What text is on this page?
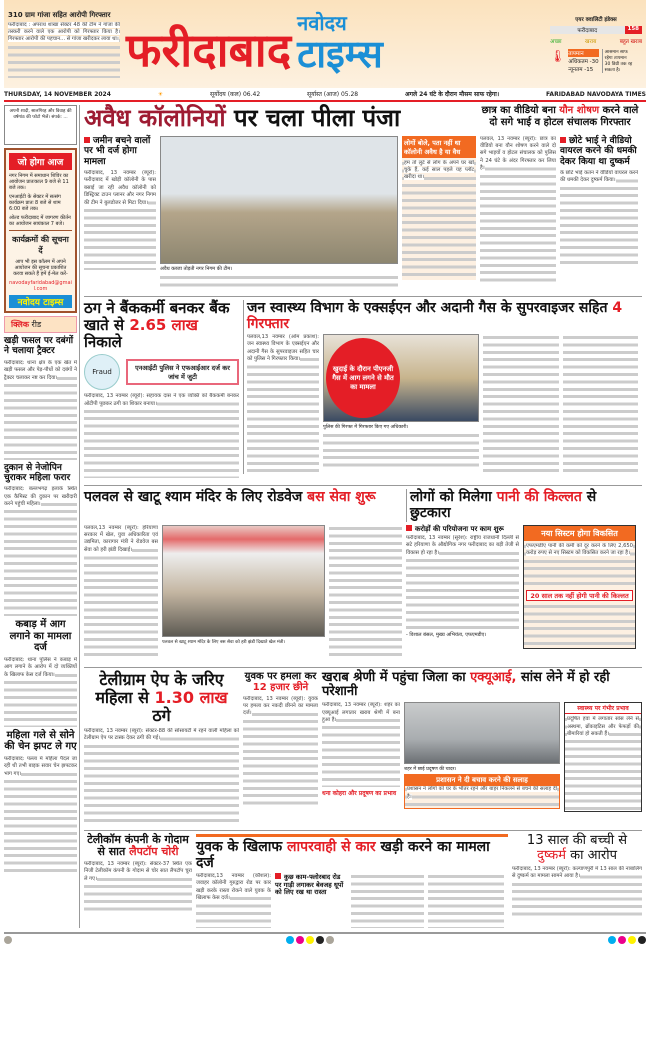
310 ग्राम गांजा सहित आरोपी गिरफ्तार
फरीदाबाद : अपराध शाखा सेक्टर 48 की टीम ने गांजा की तस्करी करने वाले एक आरोपी को गिरफ्तार किया है। गिरफ्तार आरोपी की पहचान... से गांजा खरीदकर लाया था। फरीदाबाद
नवोदय
टाइम्स
एयर क्वालिटी इंडेक्स
फरीदाबाद	158
अच्छा	खराब	बहुत खराब
🌡 तापमान
अधिकतम -30
न्यूनतम -15
आसमान साफ रहेगा तापमान 30 डिग्री तक रह सकता है।
THURSDAY, 14 NOVEMBER 2024	☀	सूर्योदय (कल) 06.42	सूर्यास्त (आज) 05.28	अगले 24 घंटे के दौरान मौसम साफ रहेगा।	FARIDABAD NAVODAYA TIMES
अपनी शादी, सालगिरह और विवाह की वर्षगांठ की फोटो भेजें। संपर्क: ...
जो होगा आज
नगर निगम में समाधान शिविर का आयोजन प्रातःकाल 9 बजे से 11 बजे तक।
एनआईटी के सेक्टर में सत्संग कार्यक्रम प्रातः 8 बजे से शाम 6:00 बजे तक।
ओल्ड फरीदाबाद में जागरण कीर्तन का आयोजन सायंकाल 7 बजे।
कार्यक्रमों की सूचना दें
आप भी इस कॉलम में अपने आयोजन की सूचना प्रकाशित करवा सकते हैं हमें ई-मेल करें-
navodayfaridabad@gmail.com
नवोदय टाइम्स
क्लिक रीड
खड़ी फसल पर दबंगों ने चलाया ट्रैक्टर
फरीदाबाद: थाना क्षेत्र के एक खेत में खड़ी फसल और पेड़-पौधों को दबंगों ने ट्रैक्टर चलाकर नष्ट कर दिया।
दुकान से नेजोपिन चुराकर महिला फरार
फरीदाबाद: बल्लभगढ़ इलाके स्थित एक कैमिस्ट की दुकान पर खरीदारी करने पहुंची महिला।
कबाड़ में आग लगाने का मामला दर्ज
फरीदाबाद: थाना पुलिस ने कबाड़ में आग लगाने के आरोप में दो व्यक्तियों के खिलाफ केस दर्ज किया।
महिला गले से सोने की चेन झपट ले गए
फरीदाबाद: पल्ला में महिला पैदल जा रही थी तभी बाइक सवार चेन झपटकर भाग गए।
अवैध कॉलोनियों पर चला पीला पंजा	छात्र का वीडियो बना यौन शोषण करने वाले दो सगे भाई व होटल संचालक गिरफ्तार
जमीन बचने वालों पर भी दर्ज होगा मामला
फरीदाबाद, 13 नवम्बर (ब्यूरो): फरीदाबाद में खोड़ी कॉलोनी के पास बसाई जा रही अवैध कॉलोनी को डिस्ट्रिक्ट टाउन प्लानर और नगर निगम की टीम ने बुलडोजर से मिटा दिया।
अवैध कब्जा तोड़ती नगर निगम की टीम।
लोगों बोले, पता नहीं था कॉलोनी अवैध है या वैध
हम तो लुटे से लोग के अपने घर खो चुके हैं, कई साल पहले यह प्लॉट खरीदा था।
पलवल, 13 नवम्बर (ब्यूरो): छात्र का वीडियो बना यौन शोषण करने वाले दो सगे भाइयों व होटल संचालक को पुलिस ने 24 घंटे के अंदर गिरफ्तार कर लिया है।
छोटे भाई ने वीडियो वायरल करने की धमकी देकर किया था दुष्कर्म
के छोटे भाई कतन ने वीडियो वायरल करने की धमकी देकर दुष्कर्म किया।
ठग ने बैंककर्मी बनकर बैंक खाते से 2.65 लाख निकाले
Fraud	एनआईटी पुलिस ने एफआईआर दर्ज कर जांच में जुटी
फरीदाबाद, 13 नवम्बर (ब्यूरो): सहायक दास ने एक व्यक्ति को बैंककर्मी बनकर ओटीपी पूछकर ठगी का शिकार बनाया।
जन स्वास्थ्य विभाग के एक्सईएन और अदानी गैस के सुपरवाइजर सहित 4 गिरफ्तार
पलवल,13 नवम्बर (ओम प्रकाश): जन स्वास्थ्य विभाग के एक्सईएन और अदानी गैस के सुपरवाइजर सहित चार को पुलिस ने गिरफ्तार किया।
खुदाई के दौरान पीएनजी गैस में आग लगने से मौत का मामला
पुलिस की गिरफ्त में गिरफ्तार किए गए अधिकारी।
पलवल से खाटू श्याम मंदिर के लिए रोडवेज बस सेवा शुरू	लोगों को मिलेगा पानी की किल्लत से छुटकारा
पलवल,13 नवम्बर (ब्यूरो): हरियाणा सरकार में खेल, युवा अधिकारिता एवं उद्यमिता, कारागार मंत्री ने रोडवेज बस सेवा को हरी झंडी दिखाई।
पलवल से खाटू श्याम मंदिर के लिए बस सेवा को हरी झंडी दिखाते खेल मंत्री।
करोड़ों की परियोजना पर काम शुरू
फरीदाबाद, 13 नवम्बर (सुरेश): राष्ट्रीय राजधानी दिल्ली से सटे हरियाणा के औद्योगिक नगर फरीदाबाद का बड़ी तेजी से विकास हो रहा है।
- विशाल बंसल, मुख्य अभियंता, एफएमडीए।
नया सिस्टम होगा विकसित
एफएमडीए पानी की कमी को दूर करने के लिए 2,650 करोड़ रुपए से नए सिस्टम को विकसित करने जा रहा है।
20 साल तक नहीं होगी पानी की किल्लत
टेलीग्राम ऐप के जरिए महिला से 1.30 लाख ठगे
फरीदाबाद, 13 नवम्बर (ब्यूरो): सेक्टर-88 की सोसायटी में रहने वाली महिला को टेलीग्राम ऐप पर टास्क देकर ठगी की गई।
युवक पर हमला कर 12 हजार छीने
फरीदाबाद, 13 नवम्बर (ब्यूरो): युवक पर हमला कर नकदी छीनने का मामला दर्ज।
खराब श्रेणी में पहुंचा जिला का एक्यूआई, सांस लेने में हो रही परेशानी
फरीदाबाद, 13 नवम्बर (ब्यूरो): शहर का एक्यूआई लगातार खराब श्रेणी में बना हुआ है।
धना कोहरा और प्रदूषण का प्रभाव
शहर में छाई प्रदूषण की चादर।
प्रशासन ने दी बचाव करने की सलाह
प्रशासन ने लोगों को घर के भीतर रहने और बाहर निकलने से बचने की सलाह दी है।
स्वास्थ्य पर गंभीर प्रभाव
प्रदूषित हवा में लगातार सांस लेने से अस्थमा, ब्रोंकाइटिस और फेफड़ों की बीमारियां हो सकती हैं।
टेलीकॉम कंपनी के गोदाम से सात लैपटॉप चोरी
फरीदाबाद, 13 नवम्बर (ब्यूरो): सेक्टर-37 स्थित एक निजी टेलीकॉम कंपनी के गोदाम से चोर सात लैपटॉप चुरा ले गए।
युवक के खिलाफ लापरवाही से कार खड़ी करने का मामला दर्ज
फरीदाबाद,13 नवम्बर (कौशल): जवाहर कॉलोनी गुरुद्वारा रोड पर कार खड़ी करके रास्ता रोकने वाले युवक के खिलाफ केस दर्ज।
कुछ काम-फ्लोरबाद रोड पर गाड़ी लगाकर बेवजह धूपों को लिए रख था रास्ता
13 साल की बच्ची से दुष्कर्म का आरोप
फरीदाबाद, 13 नवम्बर (ब्यूरो): कल्याणपुरी में 13 साल की नाबालिग से दुष्कर्म का मामला सामने आया है।
